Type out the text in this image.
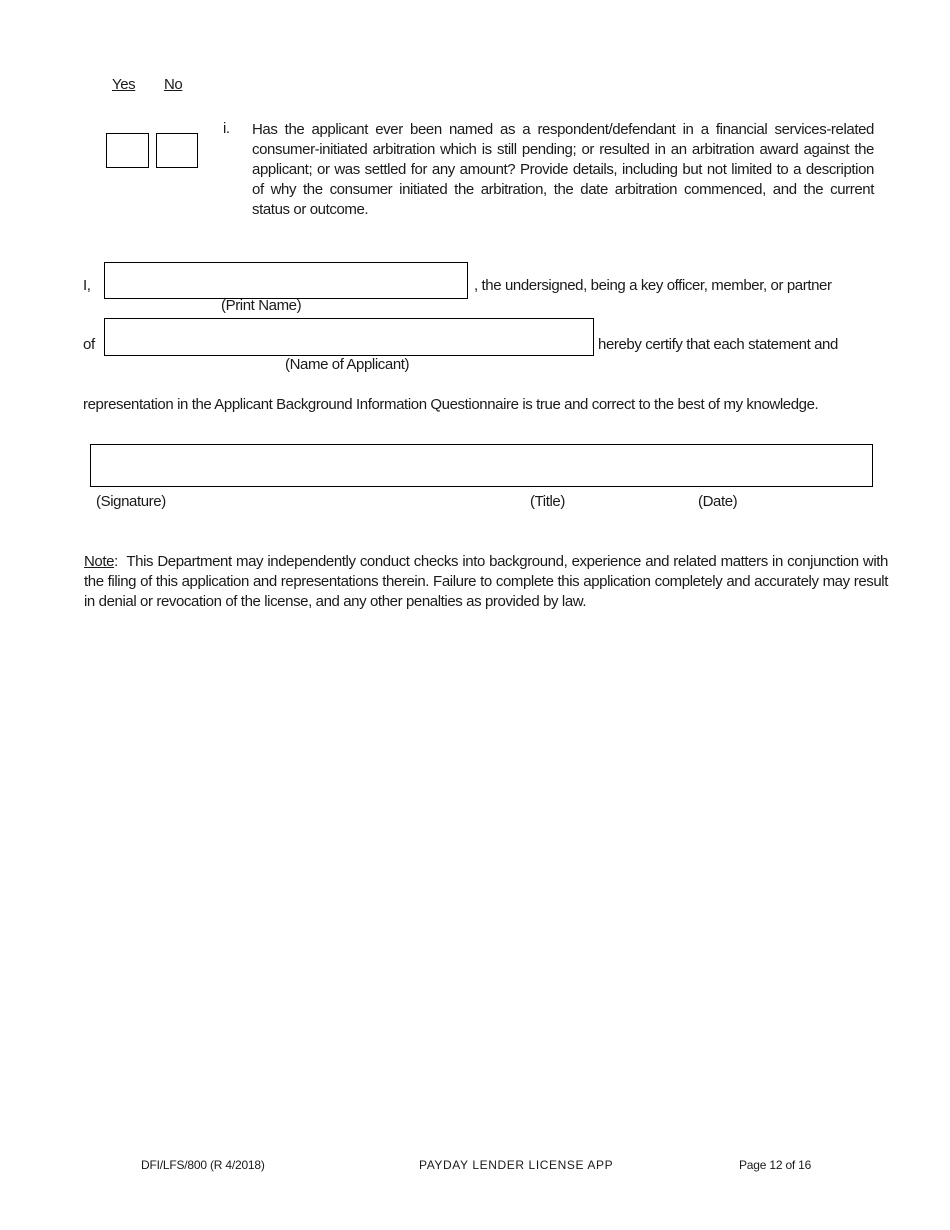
Yes No
i. Has the applicant ever been named as a respondent/defendant in a financial services-related consumer-initiated arbitration which is still pending; or resulted in an arbitration award against the applicant; or was settled for any amount? Provide details, including but not limited to a description of why the consumer initiated the arbitration, the date arbitration commenced, and the current status or outcome.
I,	, the undersigned, being a key officer, member, or partner
(Print Name)
of	hereby certify that each statement and
(Name of Applicant)
representation in the Applicant Background Information Questionnaire is true and correct to the best of my knowledge.
(Signature)	(Title)	(Date)
Note: This Department may independently conduct checks into background, experience and related matters in conjunction with the filing of this application and representations therein. Failure to complete this application completely and accurately may result in denial or revocation of the license, and any other penalties as provided by law.
DFI/LFS/800 (R 4/2018)	PAYDAY LENDER LICENSE APP	Page 12 of 16
